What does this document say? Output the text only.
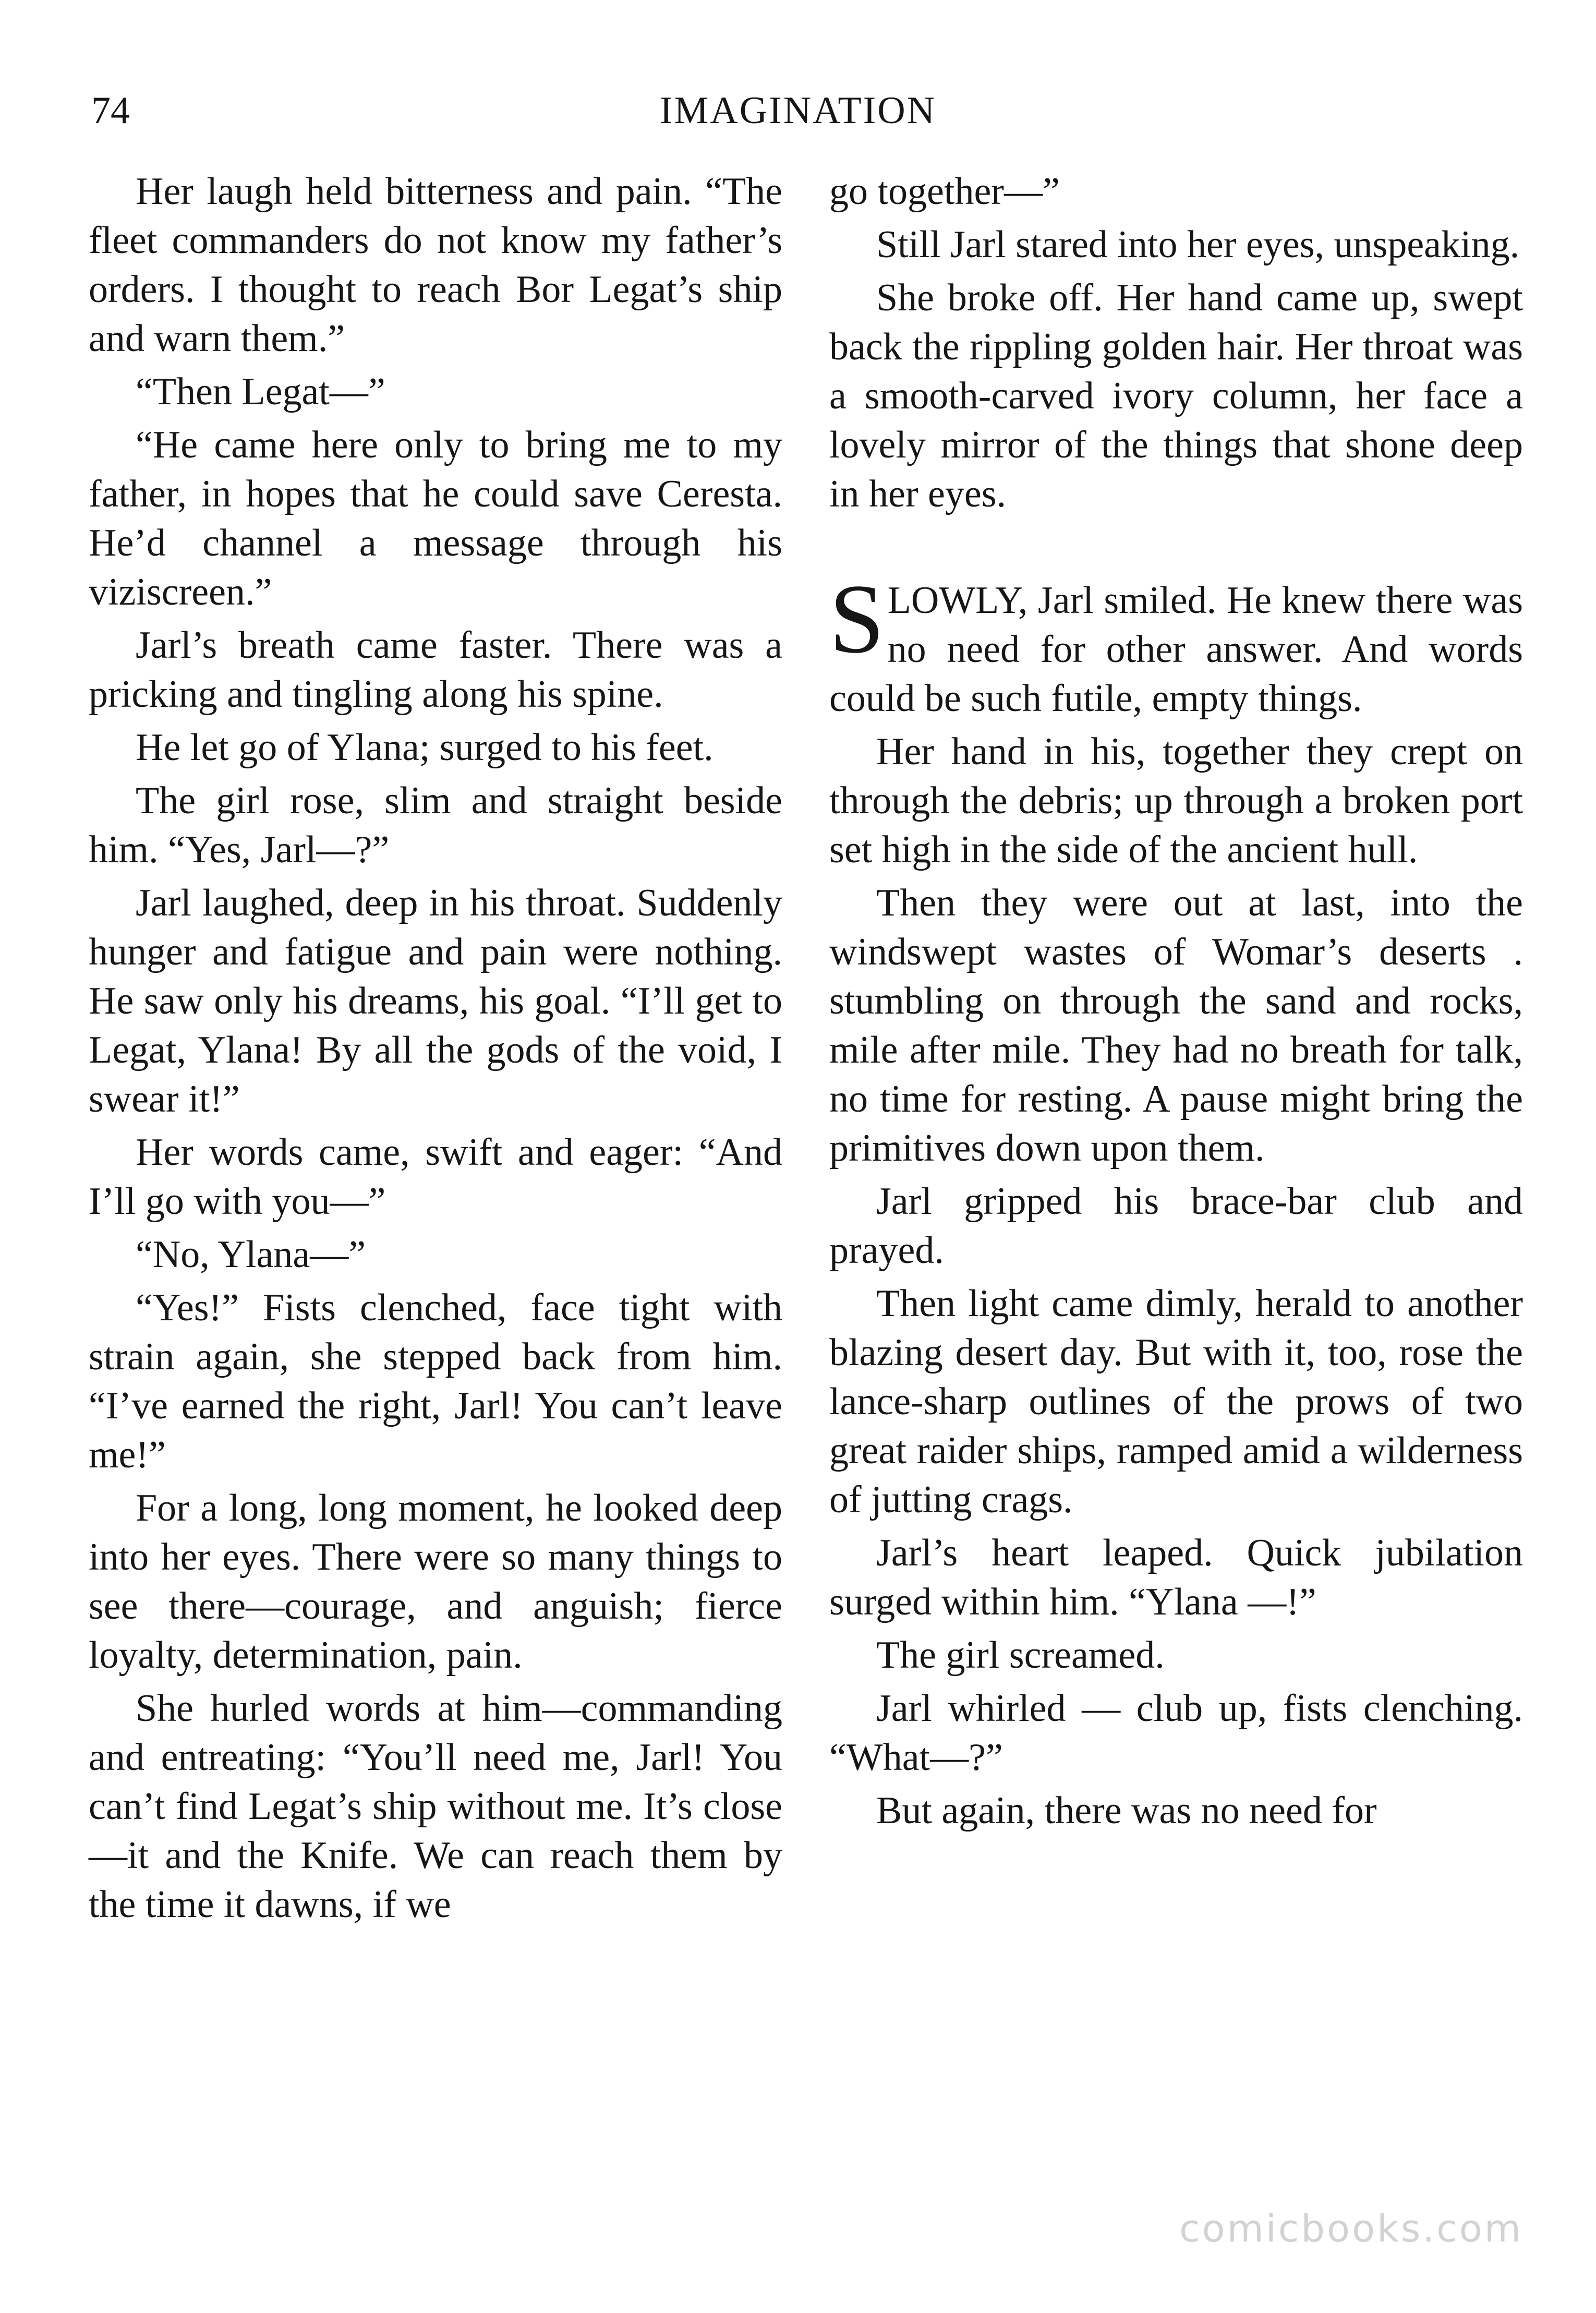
74	IMAGINATION

Her laugh held bitterness and pain. “The fleet commanders do not know my father’s orders. I thought to reach Bor Legat’s ship and warn them.”

“Then Legat—”

“He came here only to bring me to my father, in hopes that he could save Ceresta. He’d channel a message through his viziscreen.”

Jarl’s breath came faster. There was a pricking and tingling along his spine.

He let go of Ylana; surged to his feet.

The girl rose, slim and straight beside him. “Yes, Jarl—?”

Jarl laughed, deep in his throat. Suddenly hunger and fatigue and pain were nothing. He saw only his dreams, his goal. “I’ll get to Legat, Ylana! By all the gods of the void, I swear it!”

Her words came, swift and eager: “And I’ll go with you—”

“No, Ylana—”

“Yes!” Fists clenched, face tight with strain again, she stepped back from him. “I’ve earned the right, Jarl! You can’t leave me!”

For a long, long moment, he looked deep into her eyes. There were so many things to see there—courage, and anguish; fierce loyalty, determination, pain.

She hurled words at him—commanding and entreating: “You’ll need me, Jarl! You can’t find Legat’s ship without me. It’s close —it and the Knife. We can reach them by the time it dawns, if we

go together—”

Still Jarl stared into her eyes, unspeaking.

She broke off. Her hand came up, swept back the rippling golden hair. Her throat was a smooth-carved ivory column, her face a lovely mirror of the things that shone deep in her eyes.

SLOWLY, Jarl smiled. He knew there was no need for other answer. And words could be such futile, empty things.

Her hand in his, together they crept on through the debris; up through a broken port set high in the side of the ancient hull.

Then they were out at last, into the windswept wastes of Womar’s deserts . stumbling on through the sand and rocks, mile after mile. They had no breath for talk, no time for resting. A pause might bring the primitives down upon them.

Jarl gripped his brace-bar club and prayed.

Then light came dimly, herald to another blazing desert day. But with it, too, rose the lance-sharp outlines of the prows of two great raider ships, ramped amid a wilderness of jutting crags.

Jarl’s heart leaped. Quick jubilation surged within him. “Ylana —!”

The girl screamed.

Jarl whirled — club up, fists clenching. “What—?”

But again, there was no need for

comicbooks.com
